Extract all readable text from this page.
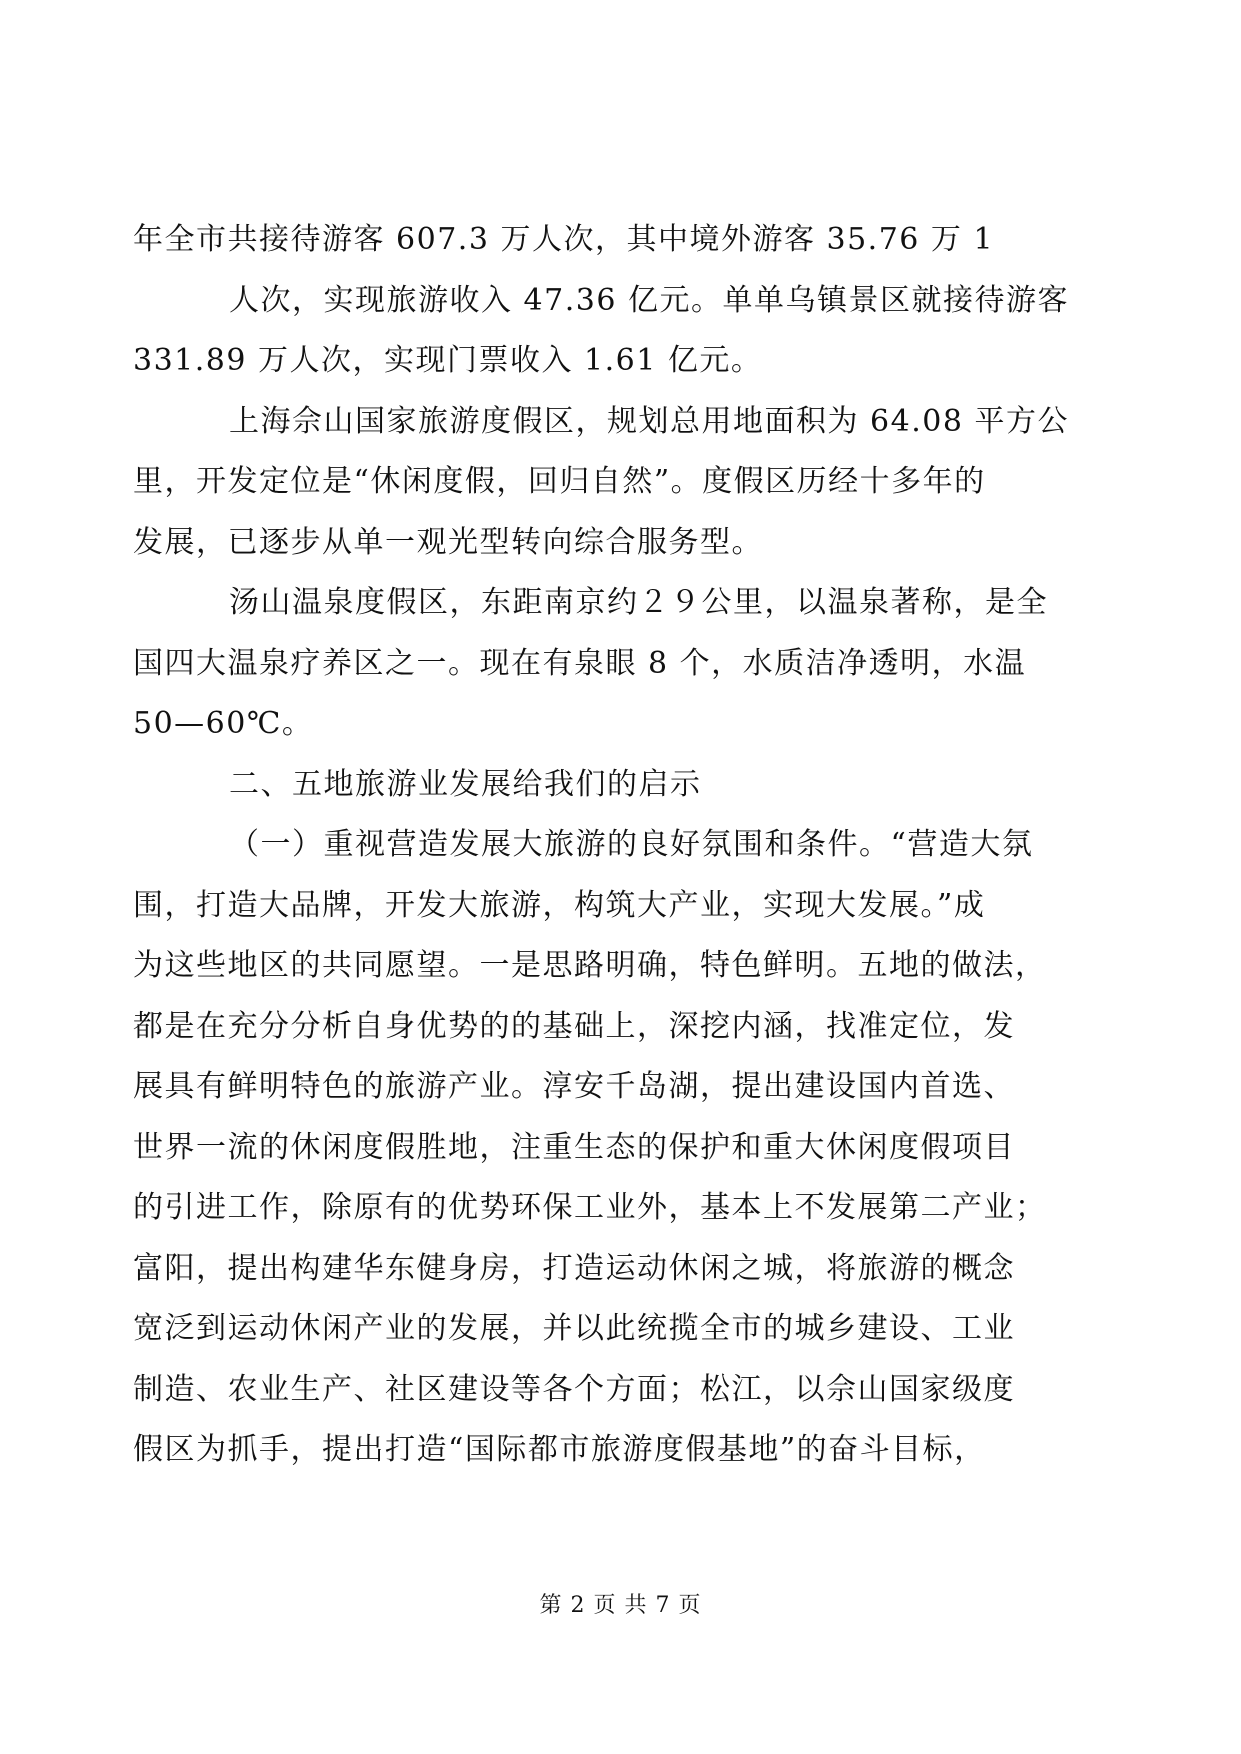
年全市共接待游客 607.3 万人次，其中境外游客 35.76 万 1
人次，实现旅游收入 47.36 亿元。单单乌镇景区就接待游客
331.89 万人次，实现门票收入 1.61 亿元。
上海佘山国家旅游度假区，规划总用地面积为 64.08 平方公
里，开发定位是“休闲度假，回归自然”。度假区历经十多年的
发展，已逐步从单一观光型转向综合服务型。
汤山温泉度假区，东距南京约２９公里，以温泉著称，是全
国四大温泉疗养区之一。现在有泉眼 8 个，水质洁净透明，水温
50—60℃。
二、五地旅游业发展给我们的启示
（一）重视营造发展大旅游的良好氛围和条件。“营造大氛
围，打造大品牌，开发大旅游，构筑大产业，实现大发展。”成
为这些地区的共同愿望。一是思路明确，特色鲜明。五地的做法，
都是在充分分析自身优势的的基础上，深挖内涵，找准定位，发
展具有鲜明特色的旅游产业。淳安千岛湖，提出建设国内首选、
世界一流的休闲度假胜地，注重生态的保护和重大休闲度假项目
的引进工作，除原有的优势环保工业外，基本上不发展第二产业；
富阳，提出构建华东健身房，打造运动休闲之城，将旅游的概念
宽泛到运动休闲产业的发展，并以此统揽全市的城乡建设、工业
制造、农业生产、社区建设等各个方面；松江，以佘山国家级度
假区为抓手，提出打造“国际都市旅游度假基地”的奋斗目标，
第 2 页 共 7 页
